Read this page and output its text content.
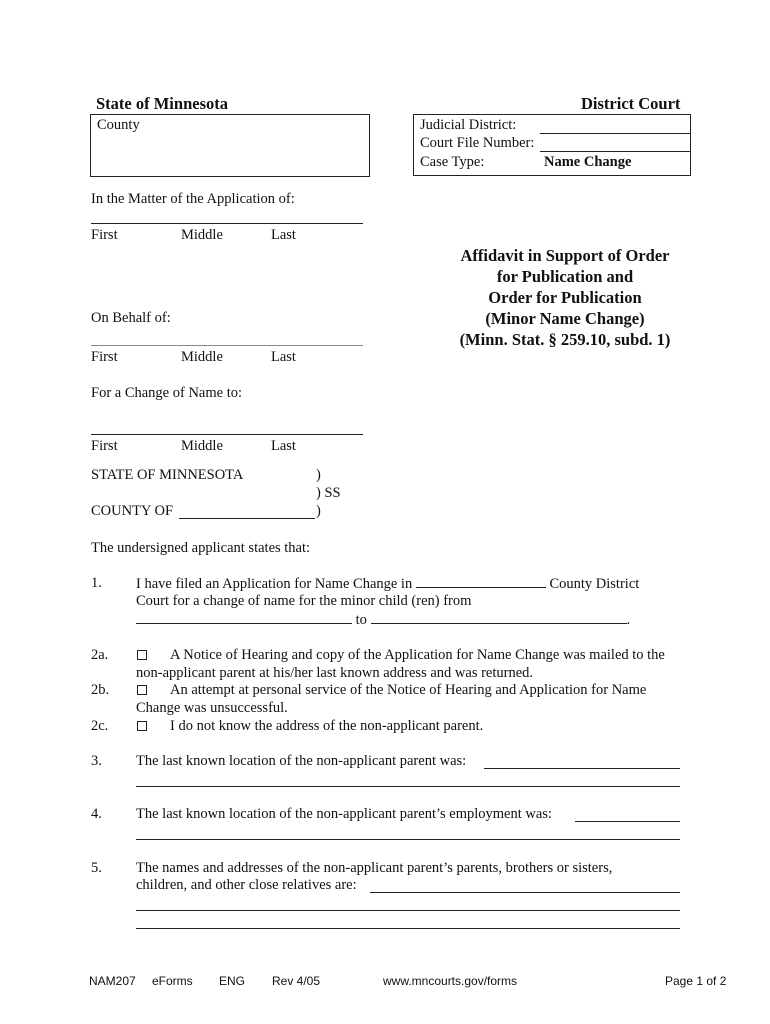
State of Minnesota	District Court
County	Judicial District:
Court File Number:
Case Type:	Name Change
In the Matter of the Application of:
First	Middle	Last
On Behalf of:
First	Middle	Last
For a Change of Name to:
First	Middle	Last
Affidavit in Support of Order
for Publication and
Order for Publication
(Minor Name Change)
(Minn. Stat. § 259.10, subd. 1)
STATE OF MINNESOTA	)
) SS
COUNTY OF	)
The undersigned applicant states that:
1. I have filed an Application for Name Change in	County District
Court for a change of name for the minor child (ren) from
to	.
2a.	A Notice of Hearing and copy of the Application for Name Change was mailed to the
non-applicant parent at his/her last known address and was returned.
2b.	An attempt at personal service of the Notice of Hearing and Application for Name
Change was unsuccessful.
2c.	I do not know the address of the non-applicant parent.
3. The last known location of the non-applicant parent was:
4. The last known location of the non-applicant parent’s employment was:
5. The names and addresses of the non-applicant parent’s parents, brothers or sisters,
children, and other close relatives are:
NAM207 eForms ENG Rev 4/05	www.mncourts.gov/forms	Page 1 of 2
